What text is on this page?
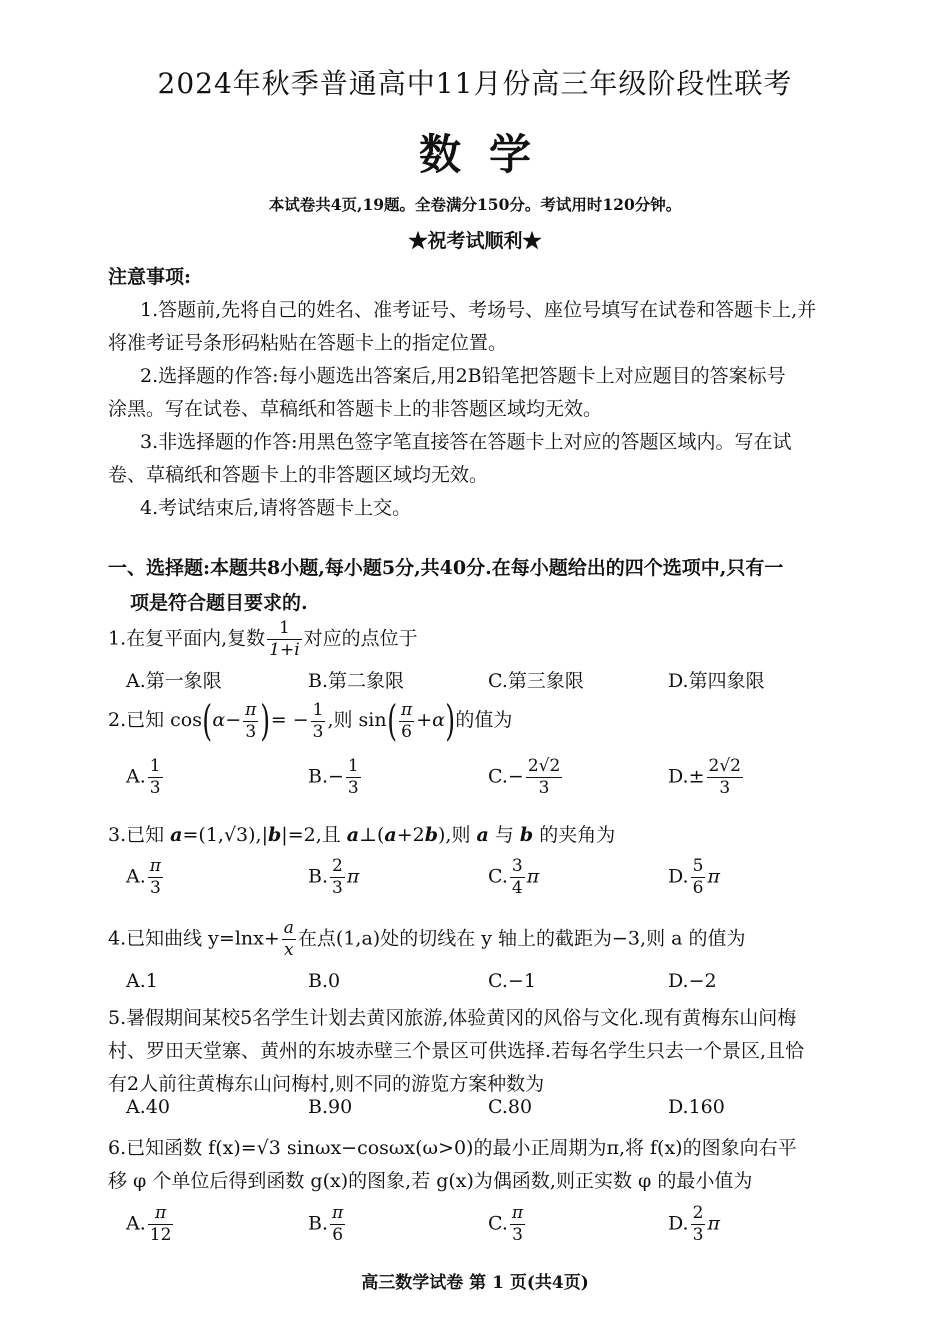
2024年秋季普通高中11月份高三年级阶段性联考
数学
本试卷共4页,19题。全卷满分150分。考试用时120分钟。
★祝考试顺利★
注意事项:
1.答题前,先将自己的姓名、准考证号、考场号、座位号填写在试卷和答题卡上,并
将准考证号条形码粘贴在答题卡上的指定位置。
2.选择题的作答:每小题选出答案后,用2B铅笔把答题卡上对应题目的答案标号
涂黑。写在试卷、草稿纸和答题卡上的非答题区域均无效。
3.非选择题的作答:用黑色签字笔直接答在答题卡上对应的答题区域内。写在试
卷、草稿纸和答题卡上的非答题区域均无效。
4.考试结束后,请将答题卡上交。
一、选择题:本题共8小题,每小题5分,共40分.在每小题给出的四个选项中,只有一
项是符合题目要求的.
1.在复平面内,复数 $\frac{1}{1+i}$ 对应的点位于
A.第一象限	B.第二象限	C.第三象限	D.第四象限
2.已知 $\cos(\alpha- \frac{\pi}{3}$ )= − $\frac{1}{3}$ ,则 $\sin( \frac{\pi}{6} +\alpha)$的值为
A. $\frac{1}{3}$	$B.- \frac{1}{3}$	$C.- \frac{2√2}{3}$	$D.\pm \frac{2√2}{3}$
3.已知 a=(1,√3),|b|=2,且 a⊥(a+2b),则 a 与 b 的夹角为
A. $\frac{\pi}{3}$	B. $\frac{2}{3}$ π	C. $\frac{3}{4}$ π	D. $\frac{5}{6}$ π
4.已知曲线 $y=\ln x+ \frac{a}{x}$ 在点(1,a)处的切线在 y 轴上的截距为−3,则 a 的值为
A.1	B.0	C.−1	D.−2
5.暑假期间某校5名学生计划去黄冈旅游,体验黄冈的风俗与文化.现有黄梅东山问梅
村、罗田天堂寨、黄州的东坡赤壁三个景区可供选择.若每名学生只去一个景区,且恰
有2人前往黄梅东山问梅村,则不同的游览方案种数为
A.40	B.90	C.80	D.160
6.已知函数 f(x)=√3 sinωx−cosωx(ω>0)的最小正周期为π,将 f(x)的图象向右平
移 φ 个单位后得到函数 g(x)的图象,若 g(x)为偶函数,则正实数 φ 的最小值为
A. $\frac{\pi}{12}$	B. $\frac{\pi}{6}$	C. $\frac{\pi}{3}$	D. $\frac{2}{3}$ π
高三数学试卷 第 1 页(共4页)
